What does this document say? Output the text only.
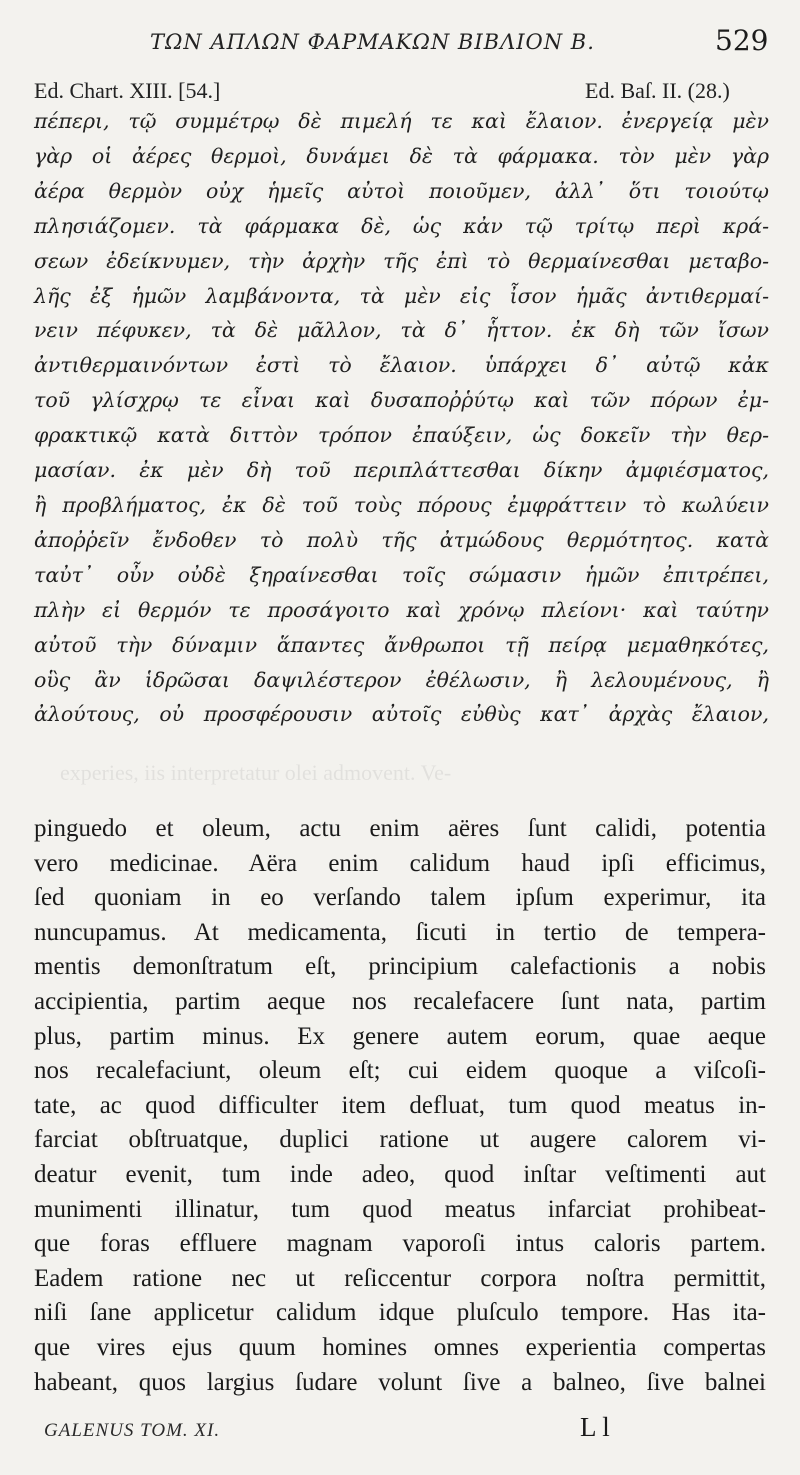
experies, iis interpretatur olei admovent. Ve-
ΤΩΝ ΑΠΛΩΝ ΦΑΡΜΑΚΩΝ ΒΙΒΛΙΟΝ Β.	529
Ed. Chart. XIII. [54.]	Ed. Baſ. II. (28.)
πέπερι, τῷ συμμέτρῳ δὲ πιμελή τε καὶ ἔλαιον. ἐνεργείᾳ μὲν
γὰρ οἱ ἀέρες θερμοὶ, δυνάμει δὲ τὰ φάρμακα. τὸν μὲν γὰρ
ἀέρα θερμὸν οὐχ ἡμεῖς αὐτοὶ ποιοῦμεν, ἀλλ᾽ ὅτι τοιούτῳ
πλησιάζομεν. τὰ φάρμακα δὲ, ὡς κἀν τῷ τρίτῳ περὶ κρά-
σεων ἐδείκνυμεν, τὴν ἀρχὴν τῆς ἐπὶ τὸ θερμαίνεσθαι μεταβο-
λῆς ἐξ ἡμῶν λαμβάνοντα, τὰ μὲν εἰς ἶσον ἡμᾶς ἀντιθερμαί-
νειν πέφυκεν, τὰ δὲ μᾶλλον, τὰ δ᾽ ἧττον. ἐκ δὴ τῶν ἴσων
ἀντιθερμαινόντων ἐστὶ τὸ ἔλαιον. ὑπάρχει δ᾽ αὐτῷ κἀκ
τοῦ γλίσχρῳ τε εἶναι καὶ δυσαποῤῥύτῳ καὶ τῶν πόρων ἐμ-
φρακτικῷ κατὰ διττὸν τρόπον ἐπαύξειν, ὡς δοκεῖν τὴν θερ-
μασίαν. ἐκ μὲν δὴ τοῦ περιπλάττεσθαι δίκην ἀμφιέσματος,
ἢ προβλήματος, ἐκ δὲ τοῦ τοὺς πόρους ἐμφράττειν τὸ κωλύειν
ἀποῤῥεῖν ἔνδοθεν τὸ πολὺ τῆς ἀτμώδους θερμότητος. κατὰ
ταὐτ᾽ οὖν οὐδὲ ξηραίνεσθαι τοῖς σώμασιν ἡμῶν ἐπιτρέπει,
πλὴν εἰ θερμόν τε προσάγοιτο καὶ χρόνῳ πλείονι· καὶ ταύτην
αὐτοῦ τὴν δύναμιν ἅπαντες ἄνθρωποι τῇ πείρᾳ μεμαθηκότες,
οὓς ἂν ἱδρῶσαι δαψιλέστερον ἐθέλωσιν, ἢ λελουμένους, ἢ
ἀλούτους, οὐ προσφέρουσιν αὐτοῖς εὐθὺς κατ᾽ ἀρχὰς ἔλαιον,
pinguedo et oleum, actu enim aëres ſunt calidi, potentia
vero medicinae. Aëra enim calidum haud ipſi efficimus,
ſed quoniam in eo verſando talem ipſum experimur, ita
nuncupamus. At medicamenta, ſicuti in tertio de tempera-
mentis demonſtratum eſt, principium calefactionis a nobis
accipientia, partim aeque nos recalefacere ſunt nata, partim
plus, partim minus. Ex genere autem eorum, quae aeque
nos recalefaciunt, oleum eſt; cui eidem quoque a viſcoſi-
tate, ac quod difficulter item defluat, tum quod meatus in-
farciat obſtruatque, duplici ratione ut augere calorem vi-
deatur evenit, tum inde adeo, quod inſtar veſtimenti aut
munimenti illinatur, tum quod meatus infarciat prohibeat-
que foras effluere magnam vaporoſi intus caloris partem.
Eadem ratione nec ut reſiccentur corpora noſtra permittit,
niſi ſane applicetur calidum idque pluſculo tempore. Has ita-
que vires ejus quum homines omnes experientia compertas
habeant, quos largius ſudare volunt ſive a balneo, ſive balnei
GALENUS TOM. XI.	L l
